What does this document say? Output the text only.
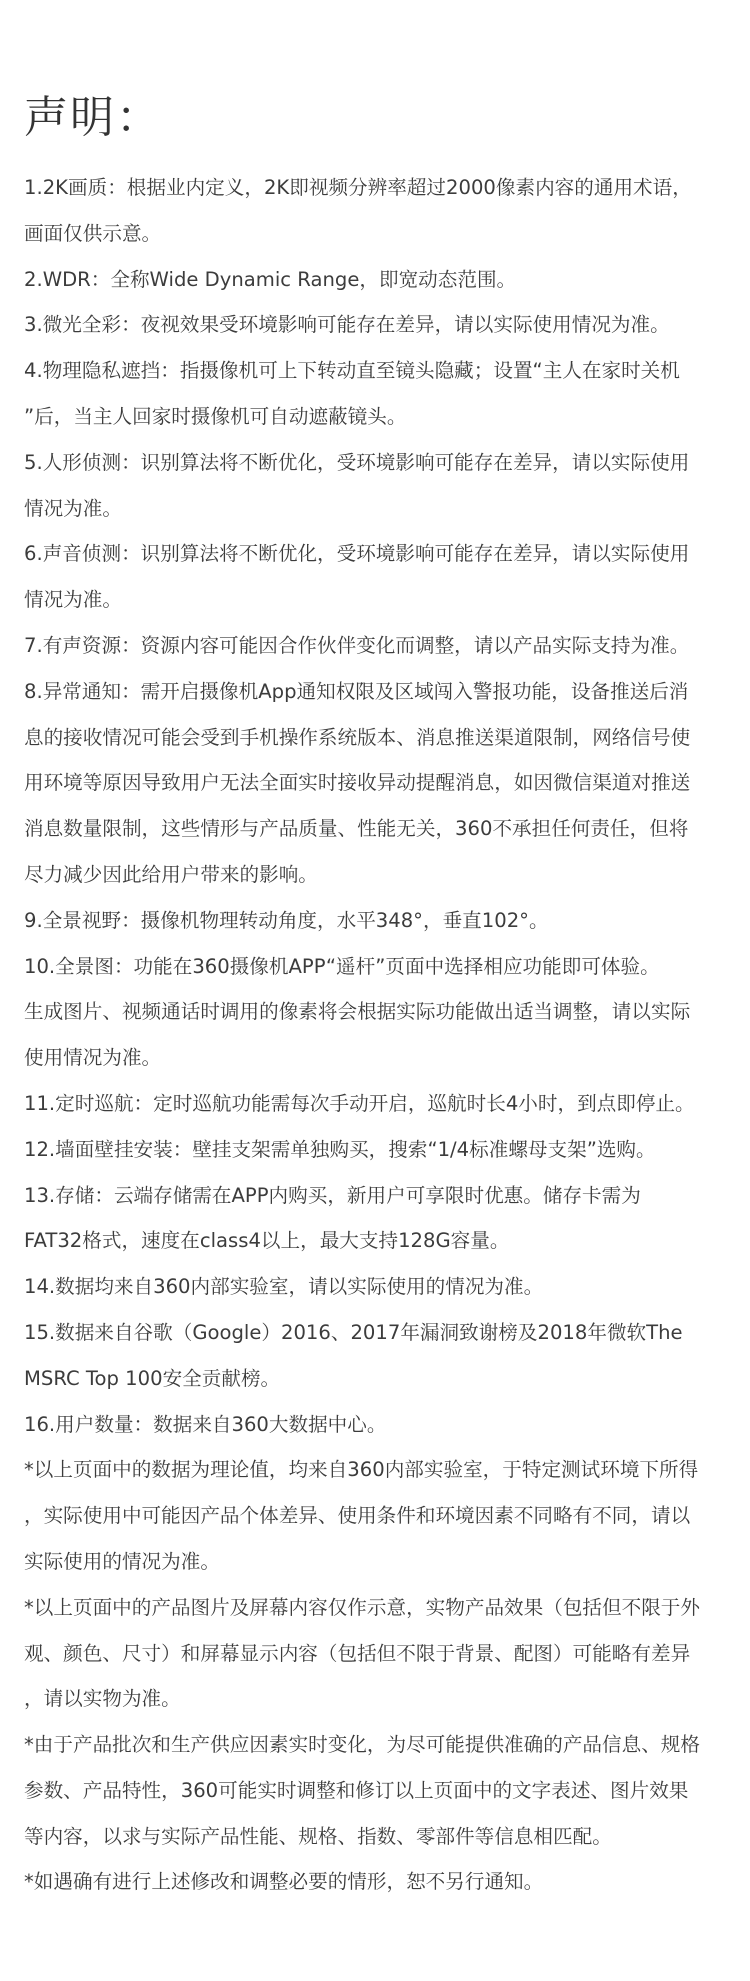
声明：
1.2K画质：根据业内定义，2K即视频分辨率超过2000像素内容的通用术语，
画面仅供示意。
2.WDR：全称Wide Dynamic Range，即宽动态范围。
3.微光全彩：夜视效果受环境影响可能存在差异，请以实际使用情况为准。
4.物理隐私遮挡：指摄像机可上下转动直至镜头隐藏；设置“主人在家时关机
”后，当主人回家时摄像机可自动遮蔽镜头。
5.人形侦测：识别算法将不断优化，受环境影响可能存在差异，请以实际使用
情况为准。
6.声音侦测：识别算法将不断优化，受环境影响可能存在差异，请以实际使用
情况为准。
7.有声资源：资源内容可能因合作伙伴变化而调整，请以产品实际支持为准。
8.异常通知：需开启摄像机App通知权限及区域闯入警报功能，设备推送后消
息的接收情况可能会受到手机操作系统版本、消息推送渠道限制，网络信号使
用环境等原因导致用户无法全面实时接收异动提醒消息，如因微信渠道对推送
消息数量限制，这些情形与产品质量、性能无关，360不承担任何责任，但将
尽力减少因此给用户带来的影响。
9.全景视野：摄像机物理转动角度，水平348°，垂直102°。
10.全景图：功能在360摄像机APP“遥杆”页面中选择相应功能即可体验。
生成图片、视频通话时调用的像素将会根据实际功能做出适当调整，请以实际
使用情况为准。
11.定时巡航：定时巡航功能需每次手动开启，巡航时长4小时，到点即停止。
12.墙面壁挂安装：壁挂支架需单独购买，搜索“1/4标准螺母支架”选购。
13.存储：云端存储需在APP内购买，新用户可享限时优惠。储存卡需为
FAT32格式，速度在class4以上，最大支持128G容量。
14.数据均来自360内部实验室，请以实际使用的情况为准。
15.数据来自谷歌（Google）2016、2017年漏洞致谢榜及2018年微软The
MSRC Top 100安全贡献榜。
16.用户数量：数据来自360大数据中心。
*以上页面中的数据为理论值，均来自360内部实验室，于特定测试环境下所得
，实际使用中可能因产品个体差异、使用条件和环境因素不同略有不同，请以
实际使用的情况为准。
*以上页面中的产品图片及屏幕内容仅作示意，实物产品效果（包括但不限于外
观、颜色、尺寸）和屏幕显示内容（包括但不限于背景、配图）可能略有差异
，请以实物为准。
*由于产品批次和生产供应因素实时变化，为尽可能提供准确的产品信息、规格
参数、产品特性，360可能实时调整和修订以上页面中的文字表述、图片效果
等内容，以求与实际产品性能、规格、指数、零部件等信息相匹配。
*如遇确有进行上述修改和调整必要的情形，恕不另行通知。
